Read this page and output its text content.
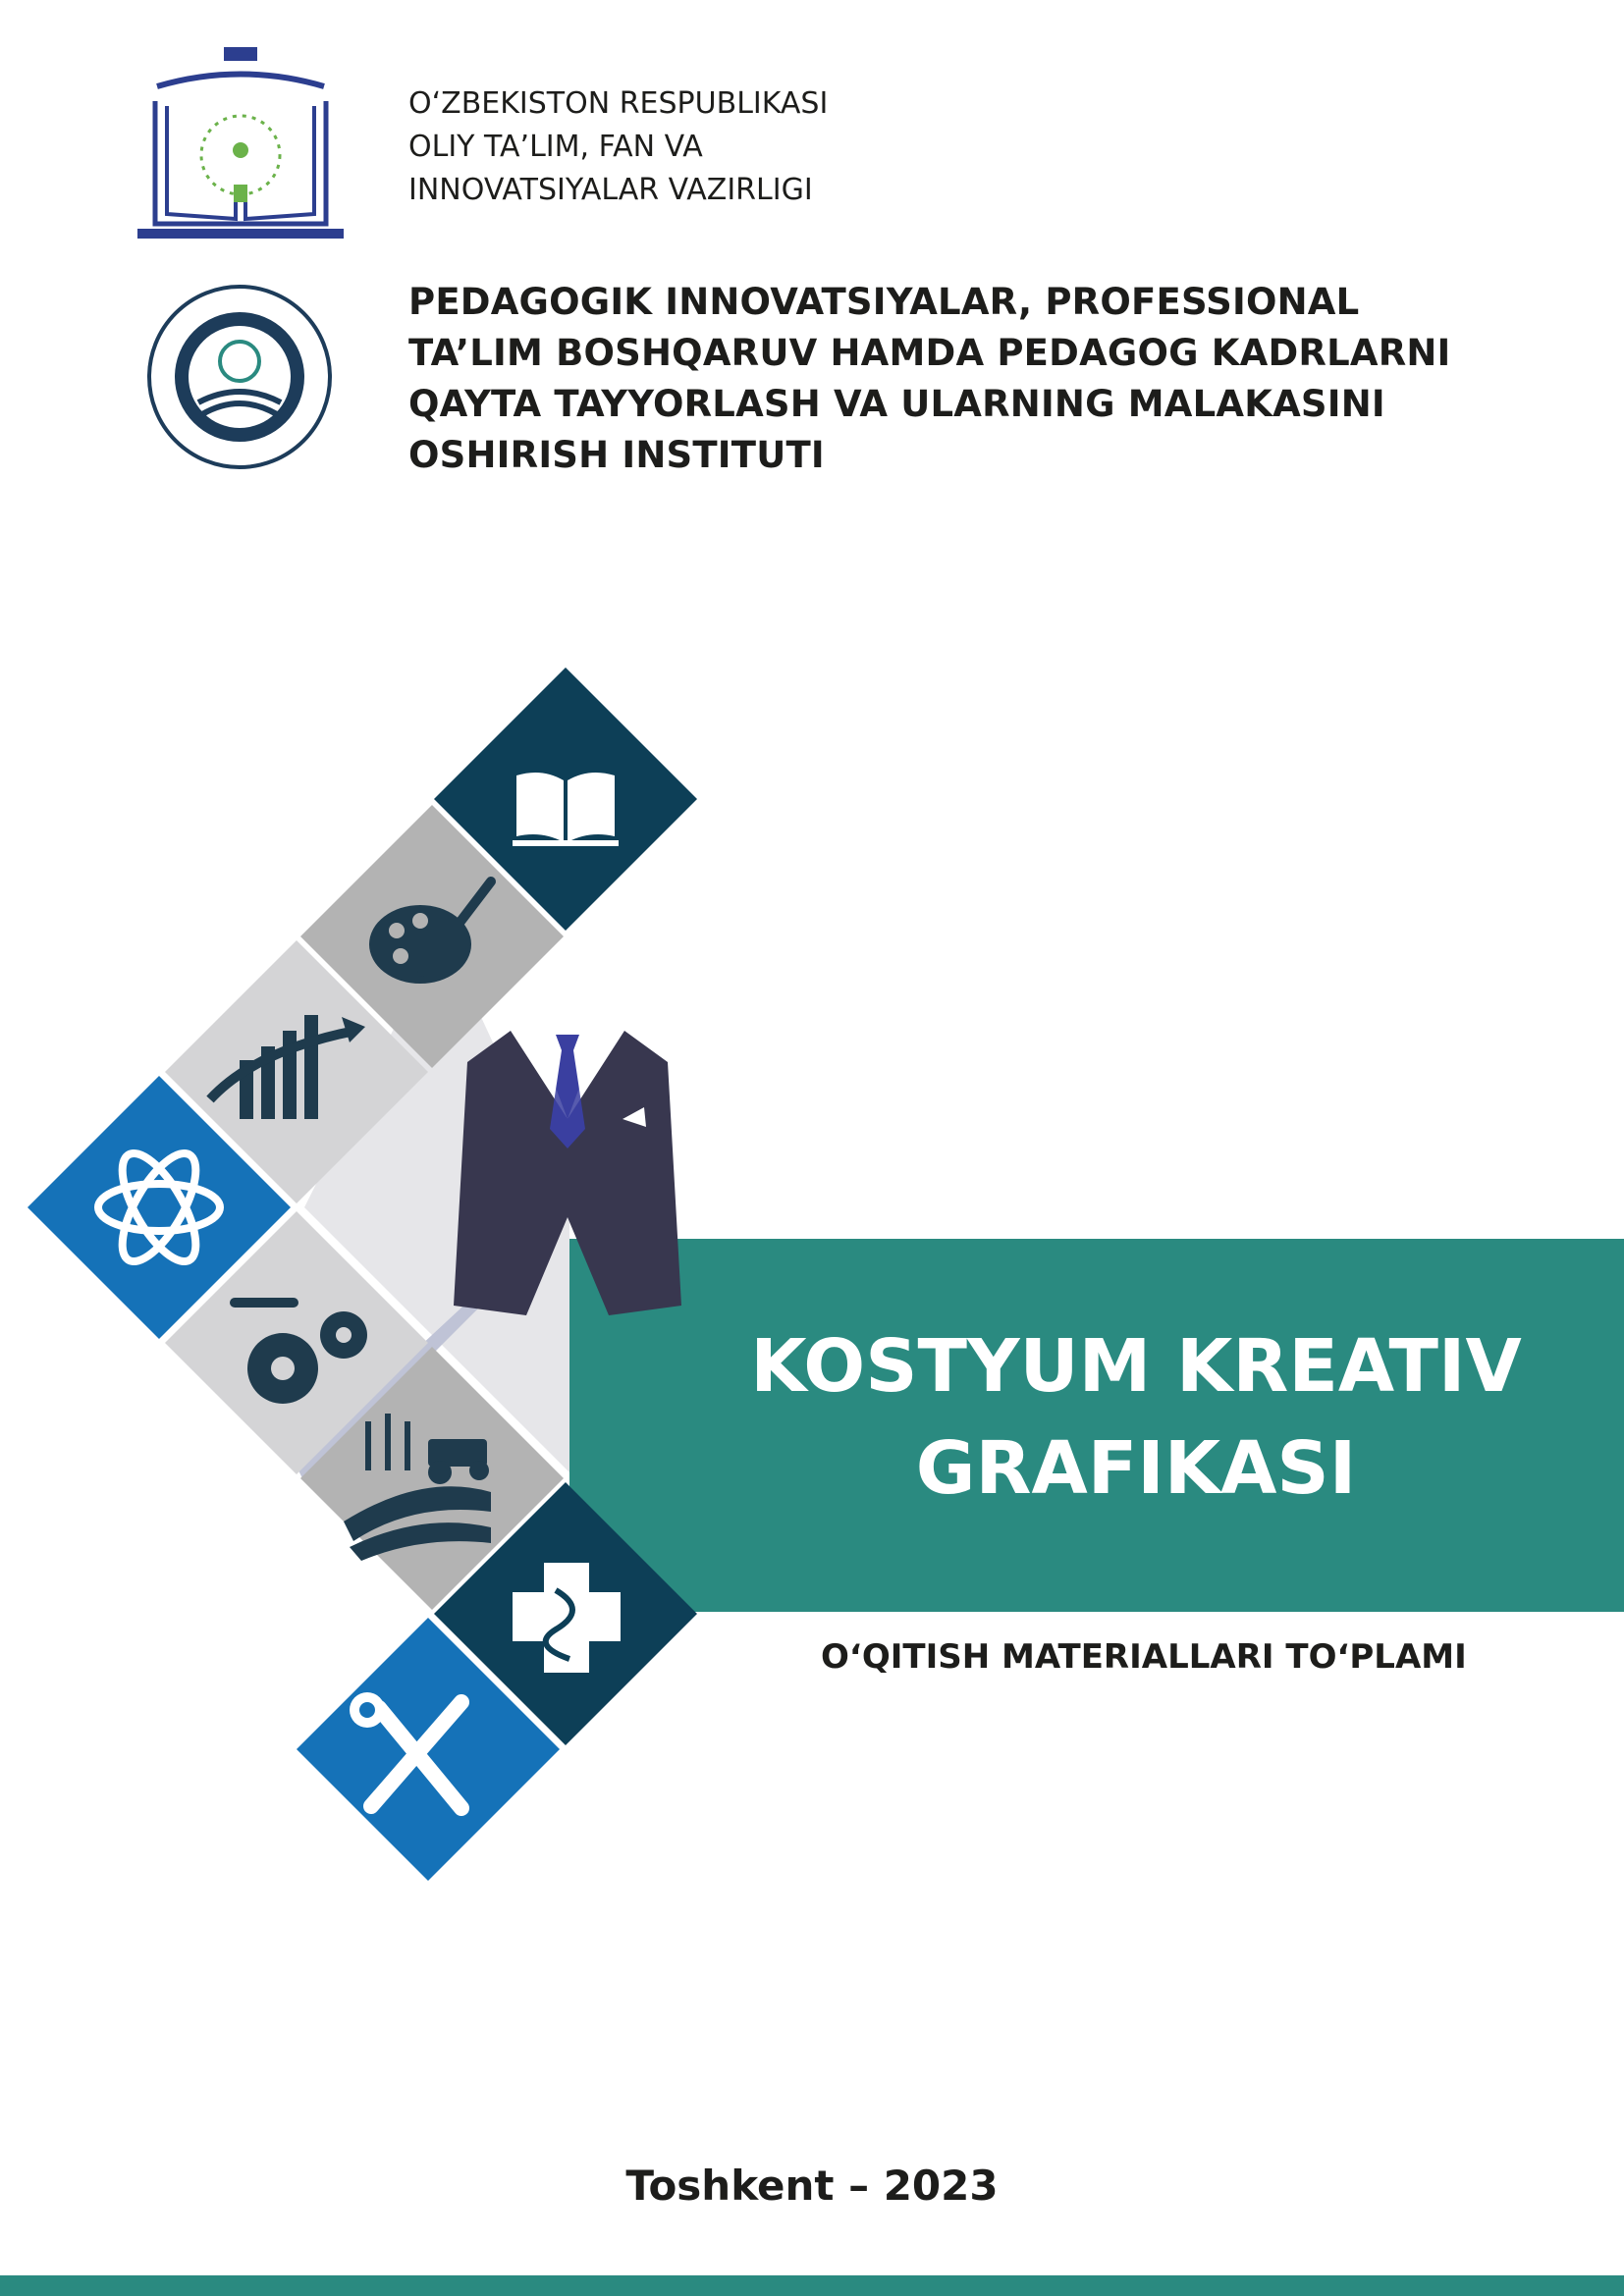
O‘ZBEKISTON RESPUBLIKASI
OLIY TA’LIM, FAN VA
INNOVATSIYALAR VAZIRLIGI
PEDAGOGIK INNOVATSIYALAR, PROFESSIONAL
TA’LIM BOSHQARUV HAMDA PEDAGOG KADRLARNI
QAYTA TAYYORLASH VA ULARNING MALAKASINI
OSHIRISH INSTITUTI
KOSTYUM KREATIV
GRAFIKASI
O‘QITISH MATERIALLARI TO‘PLAMI
Toshkent – 2023
